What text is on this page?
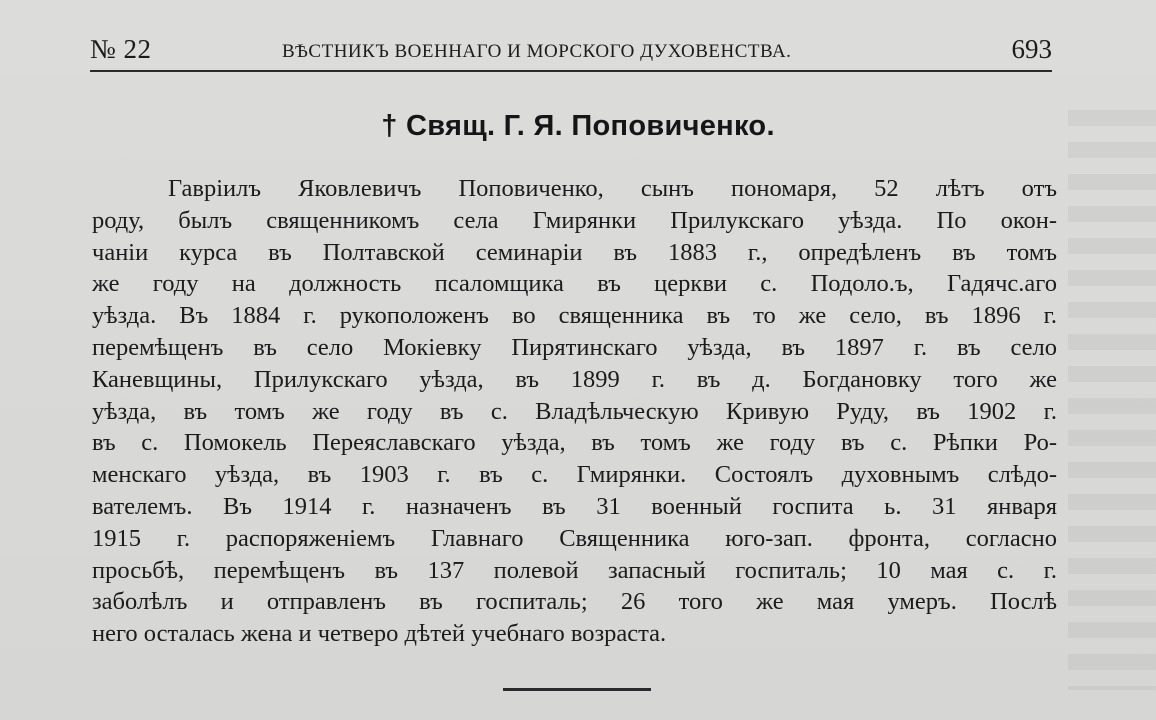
№ 22	ВѢСТНИКЪ ВОЕННАГО И МОРСКОГО ДУХОВЕНСТВА.	693
† Свящ. Г. Я. Поповиченко.
Гавріилъ Яковлевичъ Поповиченко, сынъ пономаря, 52 лѣтъ отъ
роду, былъ священникомъ села Гмирянки Прилукскаго уѣзда. По окон-
чаніи курса въ Полтавской семинаріи въ 1883 г., опредѣленъ въ томъ
же году на должность псаломщика въ церкви с. Подоло.ъ, Гадячс.аго
уѣзда. Въ 1884 г. рукоположенъ во священника въ то же село, въ 1896 г.
перемѣщенъ въ село Мокіевку Пирятинскаго уѣзда, въ 1897 г. въ село
Каневщины, Прилукскаго уѣзда, въ 1899 г. въ д. Богдановку того же
уѣзда, въ томъ же году въ с. Владѣльческую Кривую Руду, въ 1902 г.
въ с. Помокель Переяславскаго уѣзда, въ томъ же году въ с. Рѣпки Ро-
менскаго уѣзда, въ 1903 г. въ с. Гмирянки. Состоялъ духовнымъ слѣдо-
вателемъ. Въ 1914 г. назначенъ въ 31 военный госпита ь. 31 января
1915 г. распоряженіемъ Главнаго Священника юго-зап. фронта, согласно
просьбѣ, перемѣщенъ въ 137 полевой запасный госпиталь; 10 мая с. г.
заболѣлъ и отправленъ въ госпиталь; 26 того же мая умеръ. Послѣ
него осталась жена и четверо дѣтей учебнаго возраста.
